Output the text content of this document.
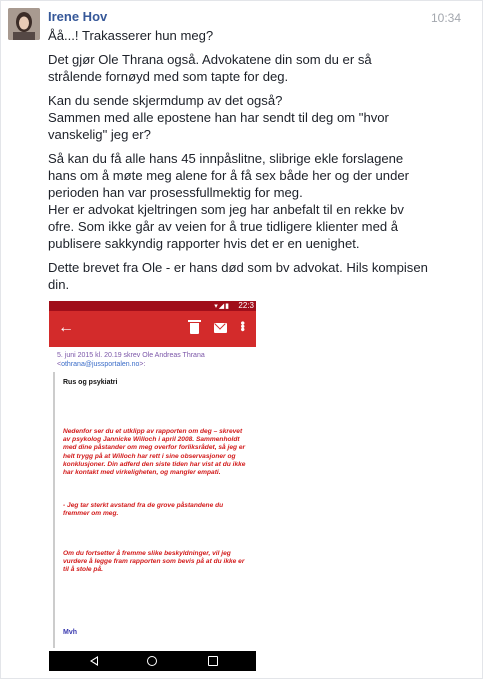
Irene Hov	10:34

Åå...! Trakasserer hun meg?

Det gjør Ole Thrana også. Advokatene din som du er så strålende fornøyd med som tapte for deg.

Kan du sende skjermdump av det også?
Sammen med alle epostene han har sendt til deg om "hvor vanskelig" jeg er?

Så kan du få alle hans 45 innpåslitne, slibrige ekle forslagene hans om å møte meg alene for å få sex både her og der under perioden han var prosessfullmektig for meg.
Her er advokat kjeltringen som jeg har anbefalt til en rekke bv ofre. Som ikke går av veien for å true tidligere klienter med å publisere sakkyndig rapporter hvis det er en uenighet.

Dette brevet fra Ole - er hans død som bv advokat. Hils kompisen din.

▾◢▮ 22:3
←	•••
5. juni 2015 kl. 20.19 skrev Ole Andreas Thrana <othrana@jussportalen.no>:
Rus og psykiatri
Nedenfor ser du et utklipp av rapporten om deg – skrevet av psykolog Jannicke Willoch i april 2008. Sammenholdt med dine påstander om meg overfor forliksrådet, så jeg er helt trygg på at Willoch har rett i sine observasjoner og konklusjoner. Din adferd den siste tiden har vist at du ikke har kontakt med virkeligheten, og mangler empati.
- Jeg tar sterkt avstand fra de grove påstandene du fremmer om meg.
Om du fortsetter å fremme slike beskyldninger, vil jeg vurdere å legge fram rapporten som bevis på at du ikke er til å stole på.
Mvh
